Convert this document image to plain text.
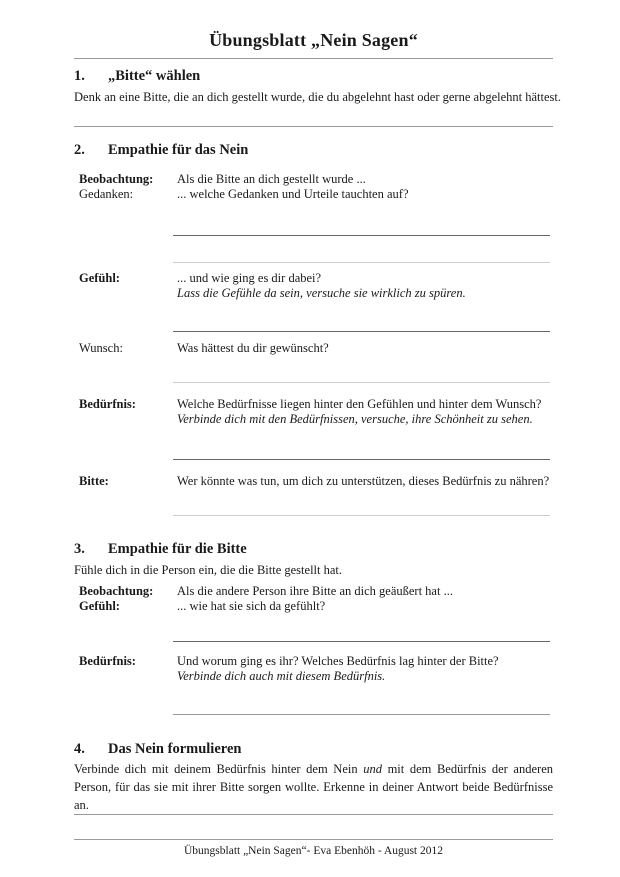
Übungsblatt „Nein Sagen“
1. „Bitte“ wählen
Denk an eine Bitte, die an dich gestellt wurde, die du abgelehnt hast oder gerne abgelehnt hättest.
2. Empathie für das Nein
Beobachtung: Als die Bitte an dich gestellt wurde ...
Gedanken:	... welche Gedanken und Urteile tauchten auf?
Gefühl:	... und wie ging es dir dabei?
Lass die Gefühle da sein, versuche sie wirklich zu spüren.
Wunsch:	Was hättest du dir gewünscht?
Bedürfnis:	Welche Bedürfnisse liegen hinter den Gefühlen und hinter dem Wunsch?
Verbinde dich mit den Bedürfnissen, versuche, ihre Schönheit zu sehen.
Bitte:	Wer könnte was tun, um dich zu unterstützen, dieses Bedürfnis zu nähren?
3. Empathie für die Bitte
Fühle dich in die Person ein, die die Bitte gestellt hat.
Beobachtung: Als die andere Person ihre Bitte an dich geäußert hat ...
Gefühl:	... wie hat sie sich da gefühlt?
Bedürfnis:	Und worum ging es ihr? Welches Bedürfnis lag hinter der Bitte?
Verbinde dich auch mit diesem Bedürfnis.
4. Das Nein formulieren
Verbinde dich mit deinem Bedürfnis hinter dem Nein und mit dem Bedürfnis der anderen Person, für das sie mit ihrer Bitte sorgen wollte. Erkenne in deiner Antwort beide Bedürfnisse an.
Übungsblatt „Nein Sagen“- Eva Ebenhöh - August 2012
